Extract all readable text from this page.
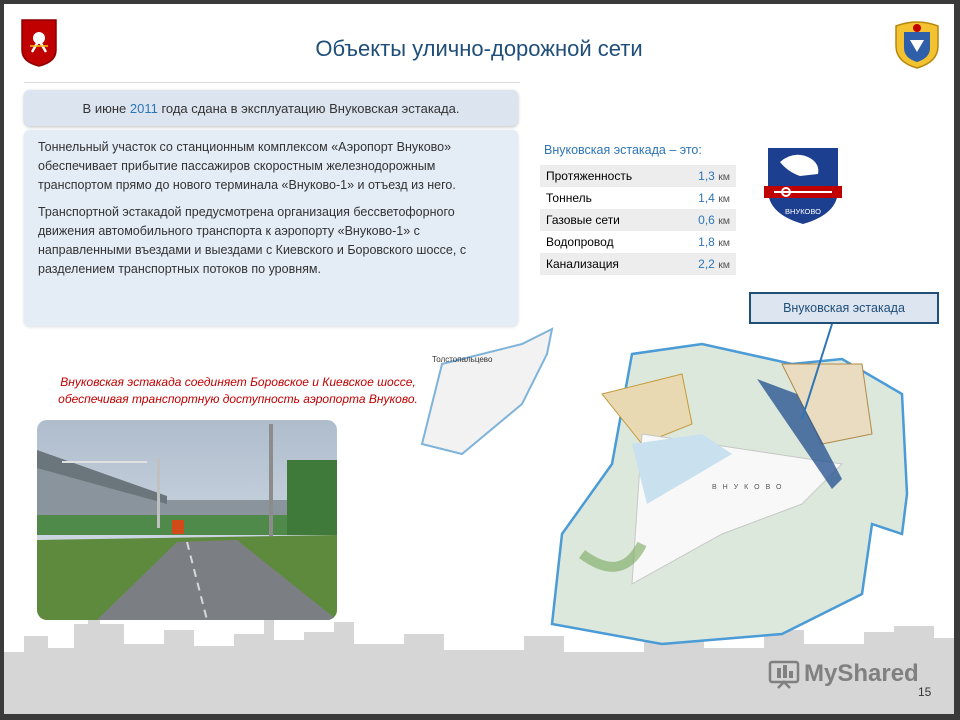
Объекты улично-дорожной сети
В июне 2011 года сдана в эксплуатацию Внуковская эстакада.

Тоннельный участок со станционным комплексом «Аэропорт Внуково» обеспечивает прибытие пассажиров скоростным железнодорожным транспортом прямо до нового терминала «Внуково-1» и отъезд из него.

Транспортной эстакадой предусмотрена организация бессветофорного движения автомобильного транспорта к аэропорту «Внуково-1» с направленными въездами и выездами с Киевского и Боровского шоссе, с разделением транспортных потоков по уровням.

Внуковская эстакада соединяет Боровское и Киевское шоссе, обеспечивая транспортную доступность аэропорта Внуково.
Внуковская эстакада – это:
Протяженность	1,3 км
Тоннель	1,4 км
Газовые сети	0,6 км
Водопровод	1,8 км
Канализация	2,2 км
ВНУКОВО
Толстопальцево
ВНУКОВО
Внуковская эстакада
MyShared
15
